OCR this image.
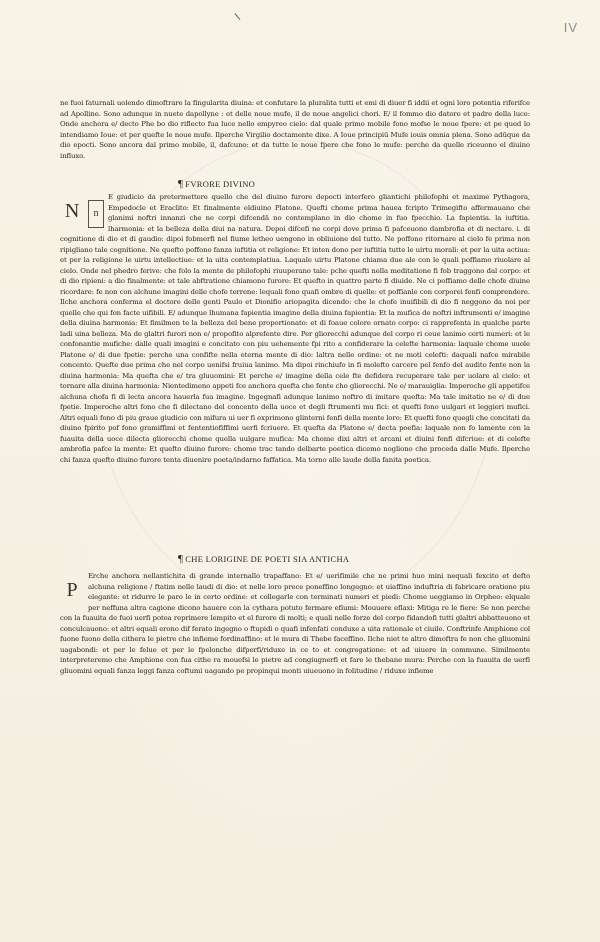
IV

ne fuoi faturnali uolendo dimoftrare la fingularita diuina: et confutare la pluralita tutti et emi di diuer fi iddii et ogni loro potentia riferifce ad Apolline. Sono adunque in nuete dapollyne : et delle noue mufe, il de noue angelici chori. E/ il fommo dio datore et padre della luce: Onde anchora e/ decto Phe bo dio riflecto fua luce nello empyreo cielo: dal quale primo mobile fono mofse le noue fpere: et pe qued lo intendiamo Ioue: et per quefte le noue mufe. Ilperche Virgilio doctamente dixe. A Ioue principiū Mufe iouis omnia plena. Sono adūque da dio epocti. Sono ancora dal primo mobile, il, dafcuno: et da tutte le noue fpere che fono le mufe: perche da quelle riceuono el diuino influxo.

¶ FVRORE DIVINO
N	n

E giudicio da pretermettere quello che del diuino furore depocti interfero gliantichi philofophi et maxime Pythagora, Empedocle et Eraclito: Et finalmente eldiuino Platone. Quefti chome prima hauea fcripto Trimegifto affermauano che glanimi noftri innanzi che ne corpi difcendā no contemplano in dio chome in fuo fpecchio. La fapientia. la iuftitia. lharmonia: et la belleza della diui na natura. Depoi difcefi ne corpi dove prima fi pafceuono dambrofia et di nectare. i. di cognitione di dio et di gaudio: dipoi fobmerfi nel fiume letheo uengono in obliuione del tutto. Ne poffono ritornare al cielo fe prima non ripigliano tale cognitione. Ne quefto poffono fanza iuftitia et religione: Et inten dono per iuftitia tutte le uirtu morali: et per la uita actiua: et per la religione le uirtu intellectiue: et la uita contemplatiua. Laquale uirtu Platone chiama due ale con le quali poffiamo riuolare al cielo. Onde nel phedro ferive: che folo la mente de philofophi riuuperano tale: pche quefti nella meditatione fi fob traggono dal corpo: et di dio ripieni: a dio finalmente: et tale abftratione chiamono furore: Et quefto in quattro parte fi diuide. Ne ci poffiamo delle chofe diuine ricordare: fe non con alchune imagini delle chofe terrene: lequali fono quafi ombre di quelle: et poffianle con corporei fenfi comprendere. Ilche anchora conferma el doctore delle genti Paulo et Dionifio ariopagita dicendo: che le chofe inuifibili di dio fi neggono da noi per quelle che qui fon facte uifibili. E/ adunque lhumana fapientia imagine della diuina fapientia: Et la mufica de noftri inftrumenti e/ imagine della diuina harmonia: Et fimilmen te la belleza del bene proportionato: et di foaue colore ornato corpo: ci rapprefenta in qualche parte ladi uina belleza. Ma de glaltri furori non e/ propofito alprefente dire. Per gliorecchi adunque del corpo ri ceue lanimo certi numeri: et le confonantie mufiche: dalle quali imagini e concitato con piu uehemente fpi rito a confiderare la celefte harmonia: laquale chome uuole Platone e/ di due fpetie: perche una confifte nella eterna mente di dio: laltra nelle ordine: et ne moti celefti: daquali nafce mirabile concento. Quefte due prima che nel corpo uenifsi fruiua lanimo. Ma dipoi rinchiufo in fi molefto carcere pel fenfo del audito fente non la diuina harmonia: Ma quefta che e/ tra gluuomini: Et perche e/ imagine della cele fte defidera recuperare tale per uolare al cielo: et tornare alla diuina harmonia: Nientedimeno appeti fce anchora quefta che fente cho gliorecchi. Ne e/ marauiglia: Imperoche gli appetifce alchuna chofa fi di lecta ancora hauerla fua imagine. Ingegnafi adunque lanimo noftro di imitare quefta: Ma tale imitatio ne e/ di due fpetie. Imperoche altri fono che fi dilectano del concento della uoce et degli ftrumenti mu fici: et quefti fono uulgari et leggieri mufici. Altri equali fono di piu graue giudicio con mifura ui uer fi exprimono glinterni fenfi della mente loro: Et quefti fono quegli che concitati da diuino fpirito pof fono gramiffimi et fententiofiffimi uerfi fcriuere. Et quefta da Platone e/ decta poefia: laquale non fo lamente con la fuauita della uoce dilecta gliorecchi chome quella uulgare mufica: Ma chome dixi altri et arcani et diuini fenfi difcriue: et di celefte ambrofia pafce la mente: Et quefto diuino furore: chome trac tando delbarte poetica dicemo nogliono che proceda dalle Mufe. Ilperche chi fanza quefto diuino furore tenta diuenire poeta/indarno faffatica. Ma torno alle laude della fanita poetica.

¶ CHE LORIGINE DE POETI SIA ANTICHA
P

Erche anchora nellantichita di grande internallo trapaffano: Et e/ uerifimile che ne primi huo mini nequali fexcito et defto alchuna religione / ftatim nelle laudi di dio: et nelle loro prece poneffino longegno: et uiaffino induftria di fabricare oratione piu elegante: et ridurre le paro le in certo ordine: et collegarle con terminati numeri et piedi: Chome ueggiamo in Orpheo: elquale per neffuna altra cagione dicono hauere con la cythara potuto fermare efiumi: Mouuere eflaxi: Mitiga re le fiere: Se non perche con la fuauita de fuoi uerfi potea reprimere lempito et el furore di molti; e quali nelle forze del corpo fidandofi tutti glaltri abbatteuono et conculcauono: et altri equali erono dif ferato ingegno o ftupidi o quafi infenfati conduxe a uita rationale et ciuile. Conftrinfe Amphione col fuone fuono della cithera le pietre che infieme fordinaffino: et le mura di Thebe faceffino. Ilche niet te altro dimoftra fe non che gliuomini uagabondi: et per le felue et per le fpelonche difperfi/riduxe in ce to et congregatione: et ad uiuere in commune. Similmente interpreteremo che Amphione con fua cithe ra mouefsi le pietre ad congiugnerfi et fare le thebane mura: Perche con la fuauita de uerfi gliuomini equali fanza leggi fanza coftumi uagando pe propinqui monti uiueuono in folitudine / riduxe infieme
